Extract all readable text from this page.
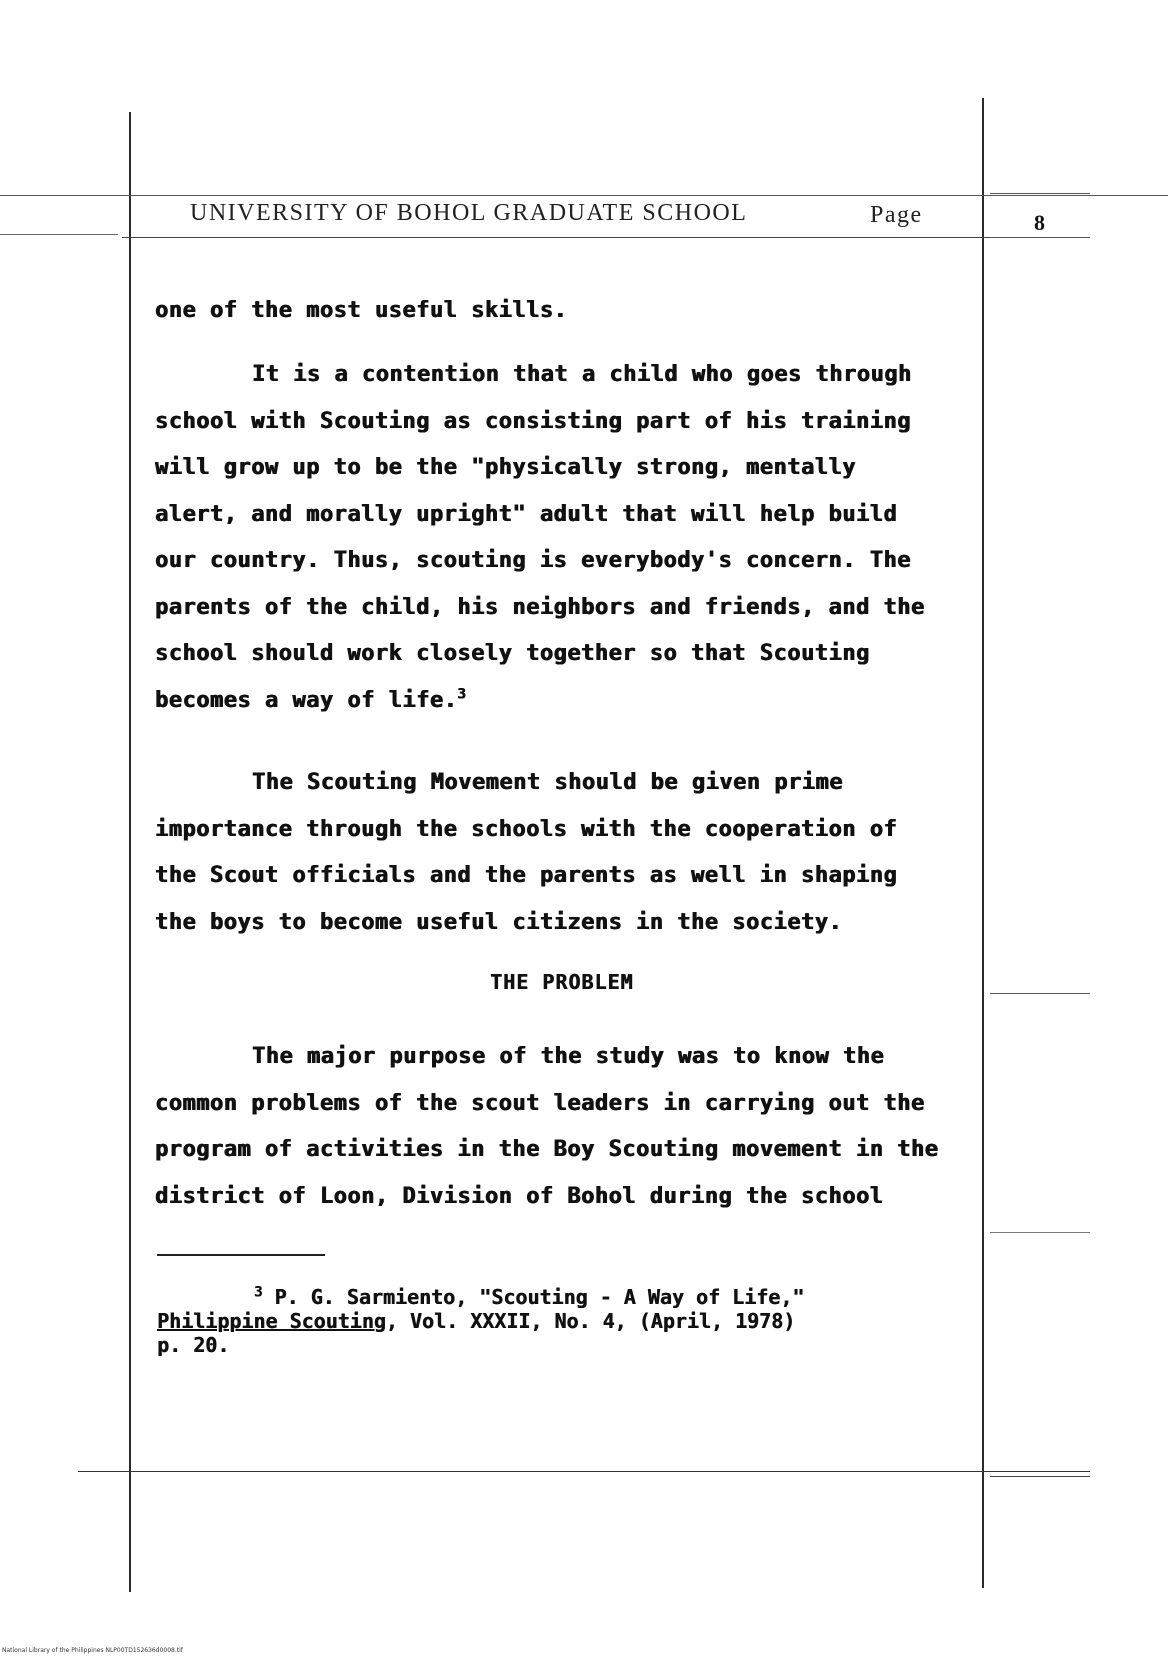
UNIVERSITY OF BOHOL GRADUATE SCHOOL	Page	8
one of the most useful skills.
It is a contention that a child who goes through
school with Scouting as consisting part of his training
will grow up to be the "physically strong, mentally
alert, and morally upright" adult that will help build
our country. Thus, scouting is everybody's concern. The
parents of the child, his neighbors and friends, and the
school should work closely together so that Scouting
becomes a way of life.$^3$
The Scouting Movement should be given prime
importance through the schools with the cooperation of
the Scout officials and the parents as well in shaping
the boys to become useful citizens in the society.
THE PROBLEM
The major purpose of the study was to know the
common problems of the scout leaders in carrying out the
program of activities in the Boy Scouting movement in the
district of Loon, Division of Bohol during the school
$^3$ P. G. Sarmiento, "Scouting - A Way of Life,"
Philippine Scouting, Vol. XXXII, No. 4, (April, 1978)
p. 20.
National Library of the Philippines NLP00TD152636d0008.tif
